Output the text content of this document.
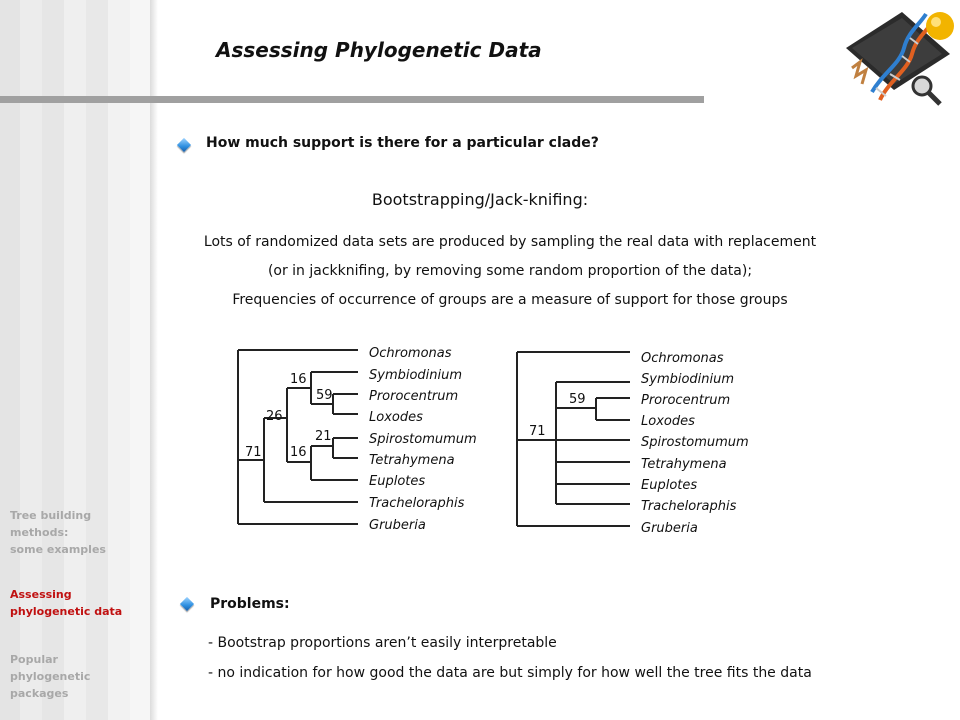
Assessing Phylogenetic Data
How much support is there for a particular clade?
Bootstrapping/Jack-knifing:
Lots of randomized data sets are produced by sampling the real data with replacement
(or in jackknifing, by removing some random proportion of the data);
Frequencies of occurrence of groups are a measure of support for those groups
Ochromonas
Symbiodinium
Prorocentrum
Loxodes
Spirostomumum
Tetrahymena
Euplotes
Tracheloraphis
Gruberia
16
59
26
21
71 16
Ochromonas
Symbiodinium
Prorocentrum
Loxodes
Spirostomumum
Tetrahymena
Euplotes
Tracheloraphis
Gruberia
59
71
Problems:
- Bootstrap proportions aren’t easily interpretable
- no indication for how good the data are but simply for how well the tree fits the data
Tree building
methods:
some examples
Assessing
phylogenetic data
Popular
phylogenetic
packages
